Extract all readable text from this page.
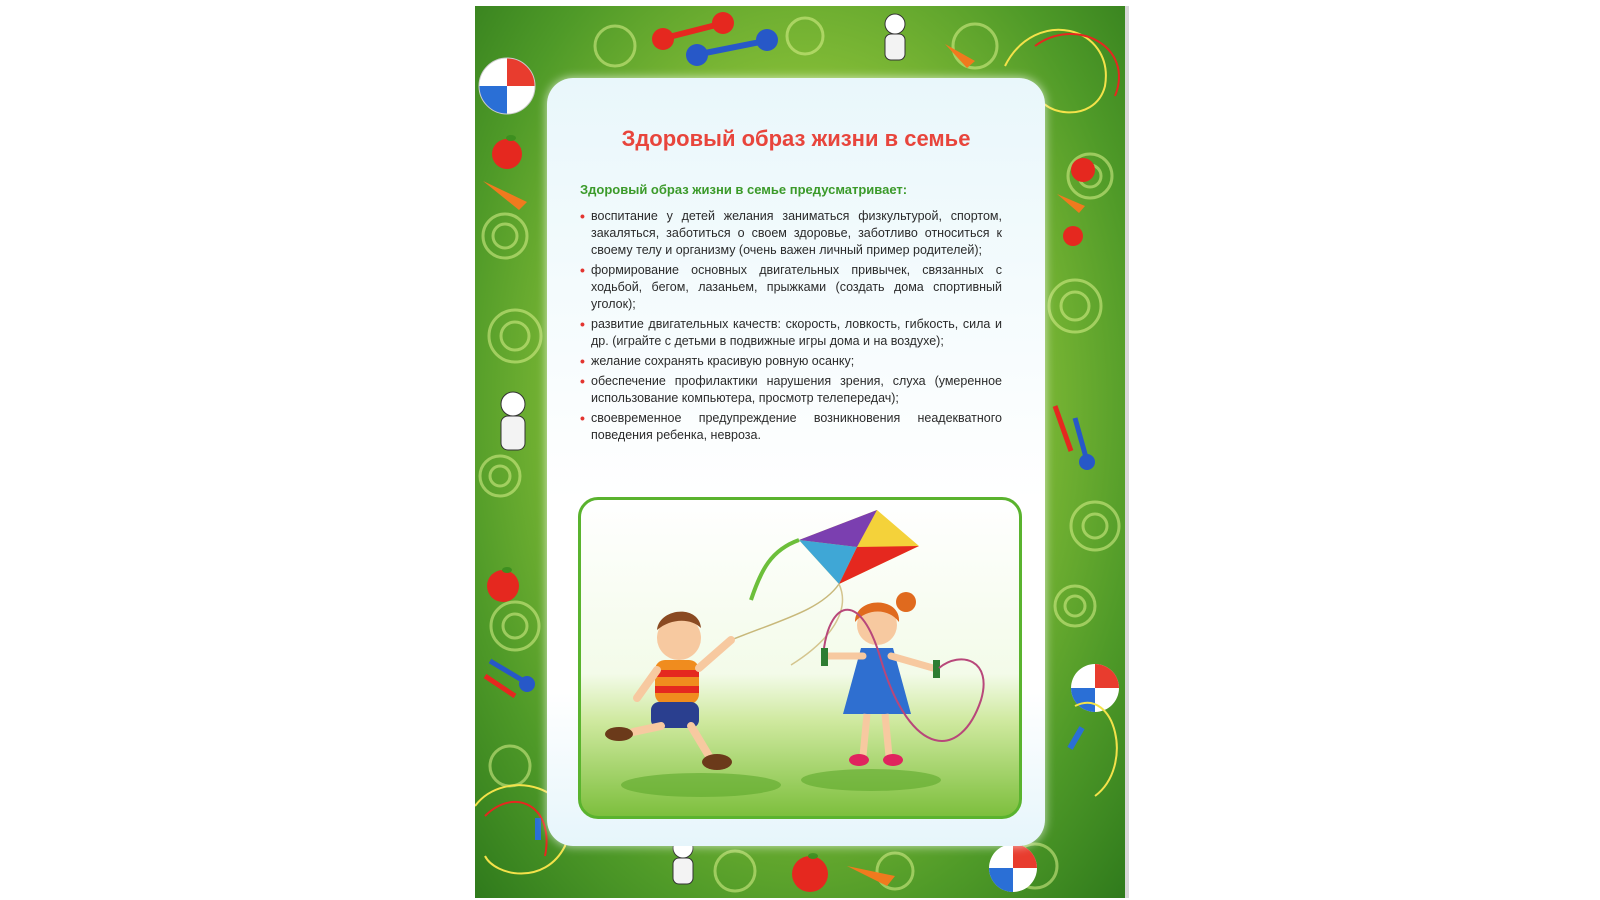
Здоровый образ жизни в семье

Здоровый образ жизни в семье предусматривает:

• воспитание у детей желания заниматься физкультурой, спортом, закаляться, заботиться о своем здоровье, заботливо относиться к своему телу и организму (очень важен личный пример родителей);
• формирование основных двигательных привычек, связанных с ходьбой, бегом, лазаньем, прыжками (создать дома спортивный уголок);
• развитие двигательных качеств: скорость, ловкость, гибкость, сила и др. (играйте с детьми в подвижные игры дома и на воздухе);
• желание сохранять красивую ровную осанку;
• обеспечение профилактики нарушения зрения, слуха (умеренное использование компьютера, просмотр телепередач);
• своевременное предупреждение возникновения неадекватного поведения ребенка, невроза.
